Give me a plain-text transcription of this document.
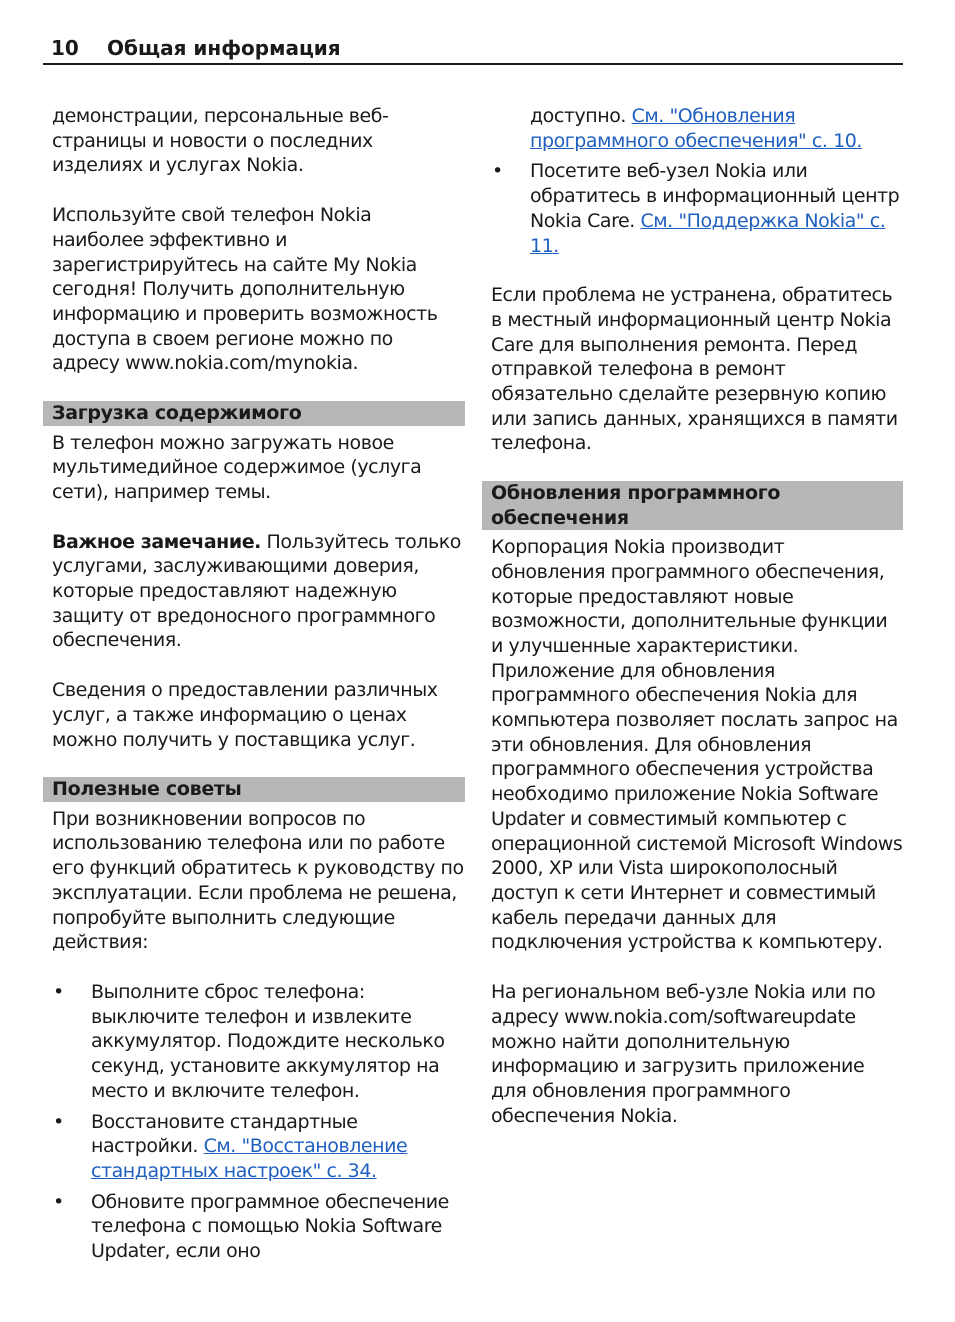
10 Общая информация

демонстрации, персональные веб-страницы и новости о последних изделиях и услугах Nokia.

Используйте свой телефон Nokia наиболее эффективно и зарегистрируйтесь на сайте My Nokia сегодня! Получить дополнительную информацию и проверить возможность доступа в своем регионе можно по адресу www.nokia.com/mynokia.

Загрузка содержимого

В телефон можно загружать новое мультимедийное содержимое (услуга сети), например темы.

Важное замечание. Пользуйтесь только услугами, заслуживающими доверия, которые предоставляют надежную защиту от вредоносного программного обеспечения.

Сведения о предоставлении различных услуг, а также информацию о ценах можно получить у поставщика услуг.

Полезные советы

При возникновении вопросов по использованию телефона или по работе его функций обратитесь к руководству по эксплуатации. Если проблема не решена, попробуйте выполнить следующие действия:

• Выполните сброс телефона: выключите телефон и извлеките аккумулятор. Подождите несколько секунд, установите аккумулятор на место и включите телефон.
• Восстановите стандартные настройки. См. "Восстановление стандартных настроек" с. 34.
• Обновите программное обеспечение телефона с помощью Nokia Software Updater, если оно
доступно. См. "Обновления программного обеспечения" с. 10.
• Посетите веб-узел Nokia или обратитесь в информационный центр Nokia Care. См. "Поддержка Nokia" с. 11.

Если проблема не устранена, обратитесь в местный информационный центр Nokia Care для выполнения ремонта. Перед отправкой телефона в ремонт обязательно сделайте резервную копию или запись данных, хранящихся в памяти телефона.

Обновления программного обеспечения

Корпорация Nokia производит обновления программного обеспечения, которые предоставляют новые возможности, дополнительные функции и улучшенные характеристики. Приложение для обновления программного обеспечения Nokia для компьютера позволяет послать запрос на эти обновления. Для обновления программного обеспечения устройства необходимо приложение Nokia Software Updater и совместимый компьютер с операционной системой Microsoft Windows 2000, XP или Vista широкополосный доступ к сети Интернет и совместимый кабель передачи данных для подключения устройства к компьютеру.

На региональном веб-узле Nokia или по адресу www.nokia.com/softwareupdate можно найти дополнительную информацию и загрузить приложение для обновления программного обеспечения Nokia.
